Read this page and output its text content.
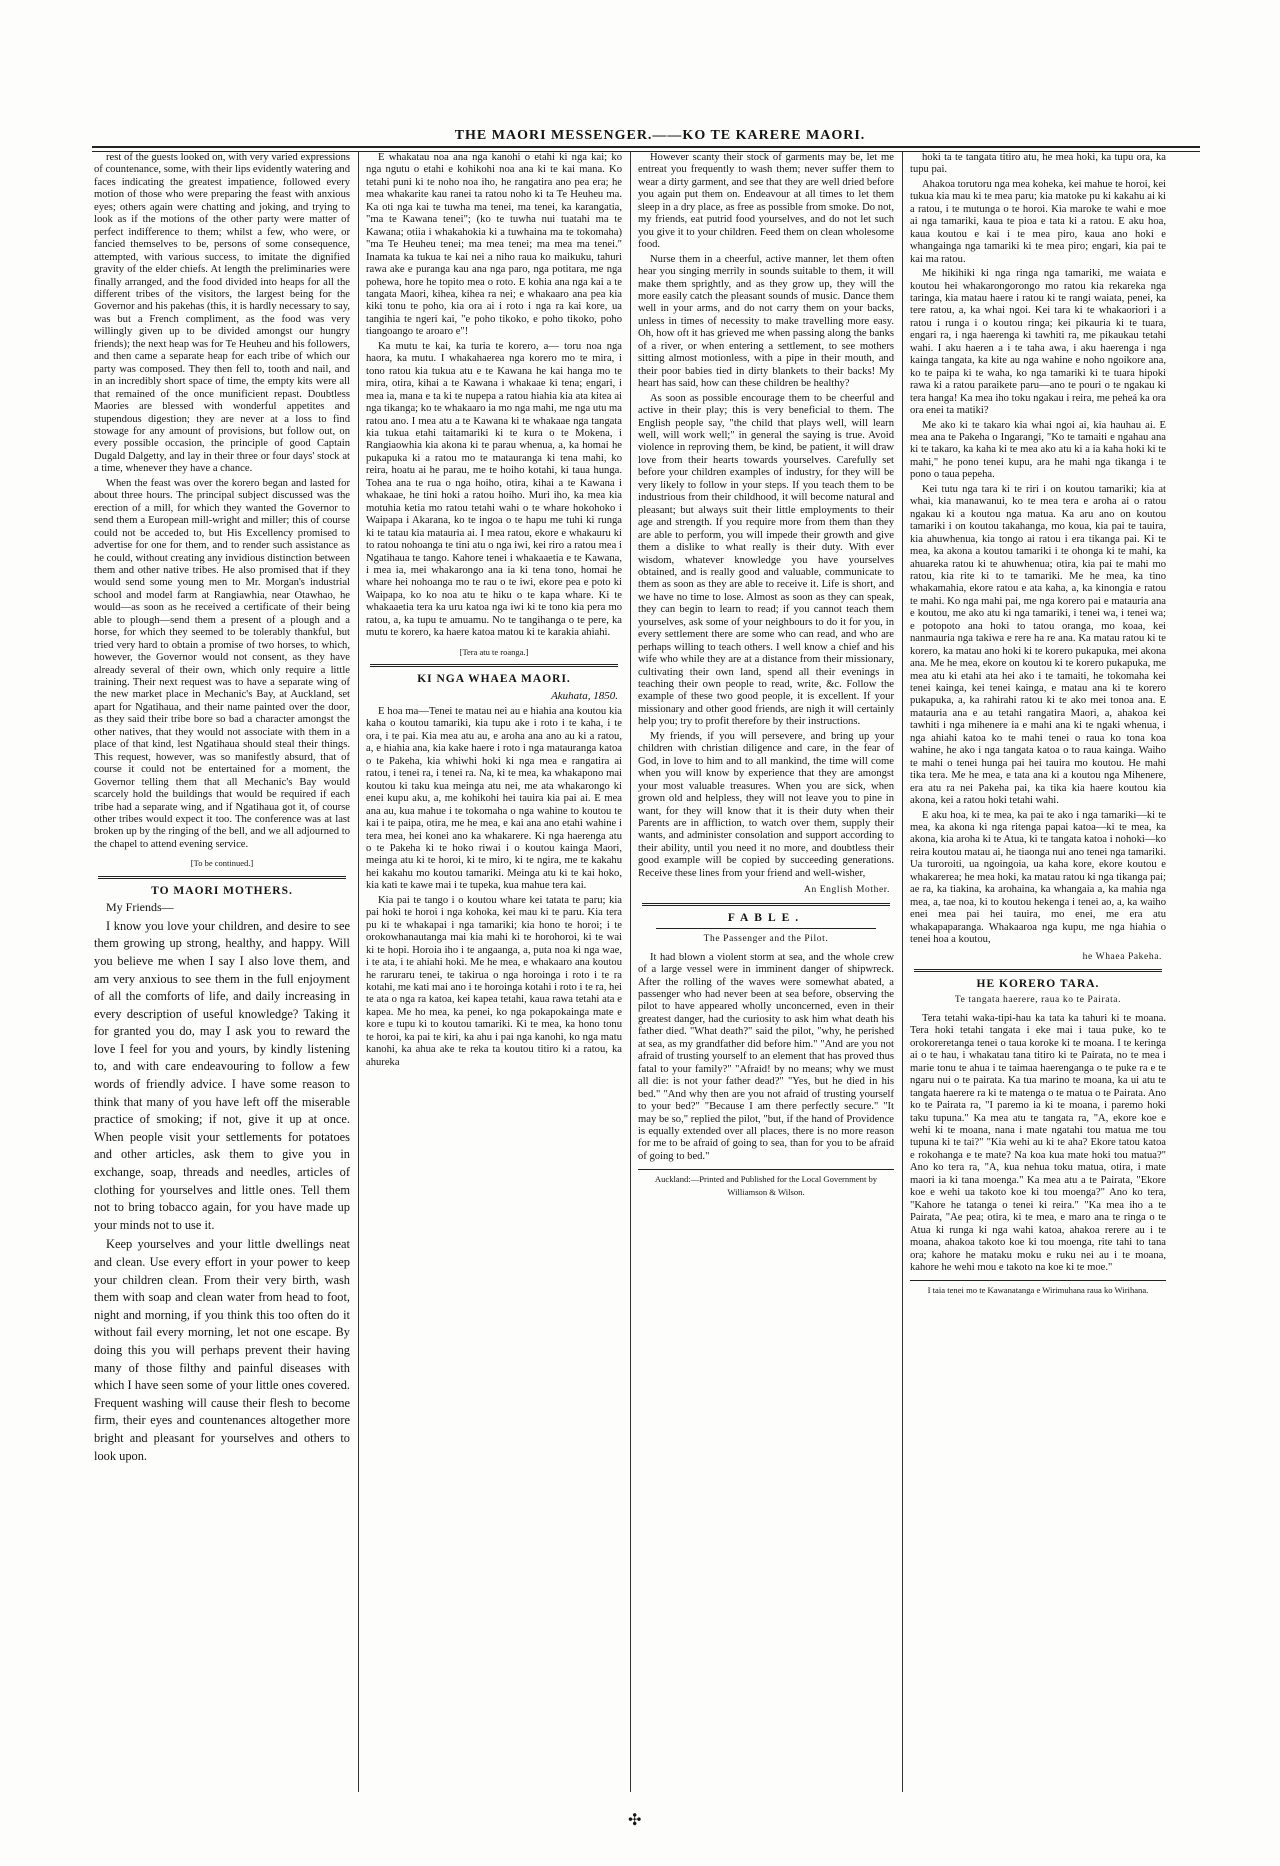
THE MAORI MESSENGER.——KO TE KARERE MAORI.

rest of the guests looked on, with very varied expressions of countenance, some, with their lips evidently watering and faces indicating the greatest impatience, followed every motion of those who were preparing the feast with anxious eyes; others again were chatting and joking, and trying to look as if the motions of the other party were matter of perfect indifference to them; whilst a few, who were, or fancied themselves to be, persons of some consequence, attempted, with various success, to imitate the dignified gravity of the elder chiefs. At length the preliminaries were finally arranged, and the food divided into heaps for all the different tribes of the visitors, the largest being for the Governor and his pakehas (this, it is hardly necessary to say, was but a French compliment, as the food was very willingly given up to be divided amongst our hungry friends); the next heap was for Te Heuheu and his followers, and then came a separate heap for each tribe of which our party was composed. They then fell to, tooth and nail, and in an incredibly short space of time, the empty kits were all that remained of the once munificient repast. Doubtless Maories are blessed with wonderful appetites and stupendous digestion; they are never at a loss to find stowage for any amount of provisions, but follow out, on every possible occasion, the principle of good Captain Dugald Dalgetty, and lay in their three or four days' stock at a time, whenever they have a chance.

When the feast was over the korero began and lasted for about three hours. The principal subject discussed was the erection of a mill, for which they wanted the Governor to send them a European mill-wright and miller; this of course could not be acceded to, but His Excellency promised to advertise for one for them, and to render such assistance as he could, without creating any invidious distinction between them and other native tribes. He also promised that if they would send some young men to Mr. Morgan's industrial school and model farm at Rangiawhia, near Otawhao, he would—as soon as he received a certificate of their being able to plough—send them a present of a plough and a horse, for which they seemed to be tolerably thankful, but tried very hard to obtain a promise of two horses, to which, however, the Governor would not consent, as they have already several of their own, which only require a little training. Their next request was to have a separate wing of the new market place in Mechanic's Bay, at Auckland, set apart for Ngatihaua, and their name painted over the door, as they said their tribe bore so bad a character amongst the other natives, that they would not associate with them in a place of that kind, lest Ngatihaua should steal their things. This request, however, was so manifestly absurd, that of course it could not be entertained for a moment, the Governor telling them that all Mechanic's Bay would scarcely hold the buildings that would be required if each tribe had a separate wing, and if Ngatihaua got it, of course other tribes would expect it too. The conference was at last broken up by the ringing of the bell, and we all adjourned to the chapel to attend evening service.

[To be continued.]
TO MAORI MOTHERS.
My Friends—

I know you love your children, and desire to see them growing up strong, healthy, and happy. Will you believe me when I say I also love them, and am very anxious to see them in the full enjoyment of all the comforts of life, and daily increasing in every description of useful knowledge? Taking it for granted you do, may I ask you to reward the love I feel for you and yours, by kindly listening to, and with care endeavouring to follow a few words of friendly advice. I have some reason to think that many of you have left off the miserable practice of smoking; if not, give it up at once. When people visit your settlements for potatoes and other articles, ask them to give you in exchange, soap, threads and needles, articles of clothing for yourselves and little ones. Tell them not to bring tobacco again, for you have made up your minds not to use it.

Keep yourselves and your little dwellings neat and clean. Use every effort in your power to keep your children clean. From their very birth, wash them with soap and clean water from head to foot, night and morning, if you think this too often do it without fail every morning, let not one escape. By doing this you will perhaps prevent their having many of those filthy and painful diseases with which I have seen some of your little ones covered. Frequent washing will cause their flesh to become firm, their eyes and countenances altogether more bright and pleasant for yourselves and others to look upon.

E whakatau noa ana nga kanohi o etahi ki nga kai; ko nga ngutu o etahi e kohikohi noa ana ki te kai mana. Ko tetahi puni ki te noho noa iho, he rangatira ano pea era; he mea whakarite kau ranei ta ratou noho ki ta Te Heuheu ma. Ka oti nga kai te tuwha ma tenei, ma tenei, ka karangatia, "ma te Kawana tenei"; (ko te tuwha nui tuatahi ma te Kawana; otiia i whakahokia ki a tuwhaina ma te tokomaha) "ma Te Heuheu tenei; ma mea tenei; ma mea ma tenei." Inamata ka tukua te kai nei a niho raua ko maikuku, tahuri rawa ake e puranga kau ana nga paro, nga potitara, me nga pohewa, hore he topito mea o roto. E kohia ana nga kai a te tangata Maori, kihea, kihea ra nei; e whakaaro ana pea kia kiki tonu te poho, kia ora ai i roto i nga ra kai kore, ua tangihia te ngeri kai, "e poho tikoko, e poho tikoko, poho tiangoango te aroaro e"!

Ka mutu te kai, ka turia te korero, a— toru noa nga haora, ka mutu. I whakahaerea nga korero mo te mira, i tono ratou kia tukua atu e te Kawana he kai hanga mo te mira, otira, kihai a te Kawana i whakaae ki tena; engari, i mea ia, mana e ta ki te nupepa a ratou hiahia kia ata kitea ai nga tikanga; ko te whakaaro ia mo nga mahi, me nga utu ma ratou ano. I mea atu a te Kawana ki te whakaae nga tangata kia tukua etahi taitamariki ki te kura o te Mokena, i Rangiaowhia kia akona ki te parau whenua, a, ka homai he pukapuka ki a ratou mo te matauranga ki tena mahi, ko reira, hoatu ai he parau, me te hoiho kotahi, ki taua hunga. Tohea ana te rua o nga hoiho, otira, kihai a te Kawana i whakaae, he tini hoki a ratou hoiho. Muri iho, ka mea kia motuhia ketia mo ratou tetahi wahi o te whare hokohoko i Waipapa i Akarana, ko te ingoa o te hapu me tuhi ki runga ki te tatau kia matauria ai. I mea ratou, ekore e whakauru ki to ratou nohoanga te tini atu o nga iwi, kei riro a ratou mea i Ngatihaua te tango. Kahore tenei i whakaaetia e te Kawana, i mea ia, mei whakarongo ana ia ki tena tono, homai he whare hei nohoanga mo te rau o te iwi, ekore pea e poto ki Waipapa, ko ko noa atu te hiku o te kapa whare. Ki te whakaaetia tera ka uru katoa nga iwi ki te tono kia pera mo ratou, a, ka tupu te amuamu. No te tangihanga o te pere, ka mutu te korero, ka haere katoa matou ki te karakia ahiahi.

[Tera atu te roanga.]
KI NGA WHAEA MAORI.
Akuhata, 1850.

E hoa ma—Tenei te matau nei au e hiahia ana koutou kia kaha o koutou tamariki, kia tupu ake i roto i te kaha, i te ora, i te pai. Kia mea atu au, e aroha ana ano au ki a ratou, a, e hiahia ana, kia kake haere i roto i nga matauranga katoa o te Pakeha, kia whiwhi hoki ki nga mea e rangatira ai ratou, i tenei ra, i tenei ra. Na, ki te mea, ka whakapono mai koutou ki taku kua meinga atu nei, me ata whakarongo ki enei kupu aku, a, me kohikohi hei tauira kia pai ai. E mea ana au, kua mahue i te tokomaha o nga wahine to koutou te kai i te paipa, otira, me he mea, e kai ana ano etahi wahine i tera mea, hei konei ano ka whakarere. Ki nga haerenga atu o te Pakeha ki te hoko riwai i o koutou kainga Maori, meinga atu ki te horoi, ki te miro, ki te ngira, me te kakahu hei kakahu mo koutou tamariki. Meinga atu ki te kai hoko, kia kati te kawe mai i te tupeka, kua mahue tera kai.

Kia pai te tango i o koutou whare kei tatata te paru; kia pai hoki te horoi i nga kohoka, kei mau ki te paru. Kia tera pu ki te whakapai i nga tamariki; kia hono te horoi; i te orokowhanautanga mai kia mahi ki te horohoroi, ki te wai ki te hopi. Horoia iho i te angaanga, a, puta noa ki nga wae, i te ata, i te ahiahi hoki. Me he mea, e whakaaro ana koutou he raruraru tenei, te takirua o nga horoinga i roto i te ra kotahi, me kati mai ano i te horoinga kotahi i roto i te ra, hei te ata o nga ra katoa, kei kapea tetahi, kaua rawa tetahi ata e kapea. Me ho mea, ka penei, ko nga pokapokainga mate e kore e tupu ki to koutou tamariki. Ki te mea, ka hono tonu te horoi, ka pai te kiri, ka ahu i pai nga kanohi, ko nga matu kanohi, ka ahua ake te reka ta koutou titiro ki a ratou, ka ahureka

However scanty their stock of garments may be, let me entreat you frequently to wash them; never suffer them to wear a dirty garment, and see that they are well dried before you again put them on. Endeavour at all times to let them sleep in a dry place, as free as possible from smoke. Do not, my friends, eat putrid food yourselves, and do not let such you give it to your children. Feed them on clean wholesome food.

Nurse them in a cheerful, active manner, let them often hear you singing merrily in sounds suitable to them, it will make them sprightly, and as they grow up, they will the more easily catch the pleasant sounds of music. Dance them well in your arms, and do not carry them on your backs, unless in times of necessity to make travelling more easy. Oh, how oft it has grieved me when passing along the banks of a river, or when entering a settlement, to see mothers sitting almost motionless, with a pipe in their mouth, and their poor babies tied in dirty blankets to their backs! My heart has said, how can these children be healthy?

As soon as possible encourage them to be cheerful and active in their play; this is very beneficial to them. The English people say, "the child that plays well, will learn well, will work well;" in general the saying is true. Avoid violence in reproving them, be kind, be patient, it will draw love from their hearts towards yourselves. Carefully set before your children examples of industry, for they will be very likely to follow in your steps. If you teach them to be industrious from their childhood, it will become natural and pleasant; but always suit their little employments to their age and strength. If you require more from them than they are able to perform, you will impede their growth and give them a dislike to what really is their duty. With ever wisdom, whatever knowledge you have yourselves obtained, and is really good and valuable, communicate to them as soon as they are able to receive it. Life is short, and we have no time to lose. Almost as soon as they can speak, they can begin to learn to read; if you cannot teach them yourselves, ask some of your neighbours to do it for you, in every settlement there are some who can read, and who are perhaps willing to teach others. I well know a chief and his wife who while they are at a distance from their missionary, cultivating their own land, spend all their evenings in teaching their own people to read, write, &c. Follow the example of these two good people, it is excellent. If your missionary and other good friends, are nigh it will certainly help you; try to profit therefore by their instructions.

My friends, if you will persevere, and bring up your children with christian diligence and care, in the fear of God, in love to him and to all mankind, the time will come when you will know by experience that they are amongst your most valuable treasures. When you are sick, when grown old and helpless, they will not leave you to pine in want, for they will know that it is their duty when their Parents are in affliction, to watch over them, supply their wants, and administer consolation and support according to their ability, until you need it no more, and doubtless their good example will be copied by succeeding generations. Receive these lines from your friend and well-wisher,

An English Mother.
FABLE.
The Passenger and the Pilot.

It had blown a violent storm at sea, and the whole crew of a large vessel were in imminent danger of shipwreck. After the rolling of the waves were somewhat abated, a passenger who had never been at sea before, observing the pilot to have appeared wholly unconcerned, even in their greatest danger, had the curiosity to ask him what death his father died. "What death?" said the pilot, "why, he perished at sea, as my grandfather did before him." "And are you not afraid of trusting yourself to an element that has proved thus fatal to your family?" "Afraid! by no means; why we must all die: is not your father dead?" "Yes, but he died in his bed." "And why then are you not afraid of trusting yourself to your bed?" "Because I am there perfectly secure." "It may be so," replied the pilot, "but, if the hand of Providence is equally extended over all places, there is no more reason for me to be afraid of going to sea, than for you to be afraid of going to bed."

Auckland:—Printed and Published for the Local Government by Williamson & Wilson.

hoki ta te tangata titiro atu, he mea hoki, ka tupu ora, ka tupu pai.

Ahakoa torutoru nga mea koheka, kei mahue te horoi, kei tukua kia mau ki te mea paru; kia matoke pu ki kakahu ai ki a ratou, i te mutunga o te horoi. Kia maroke te wahi e moe ai nga tamariki, kaua te pioa e tata ki a ratou. E aku hoa, kaua koutou e kai i te mea piro, kaua ano hoki e whangainga nga tamariki ki te mea piro; engari, kia pai te kai ma ratou.

Me hikihiki ki nga ringa nga tamariki, me waiata e koutou hei whakarongorongo mo ratou kia rekareka nga taringa, kia matau haere i ratou ki te rangi waiata, penei, ka tere ratou, a, ka whai ngoi. Kei tara ki te whakaoriori i a ratou i runga i o koutou ringa; kei pikauria ki te tuara, engari ra, i nga haerenga ki tawhiti ra, me pikaukau tetahi wahi. I aku haeren a i te taha awa, i aku haerenga i nga kainga tangata, ka kite au nga wahine e noho ngoikore ana, ko te paipa ki te waha, ko nga tamariki ki te tuara hipoki rawa ki a ratou paraikete paru—ano te pouri o te ngakau ki tera hanga! Ka mea iho toku ngakau i reira, me peheá ka ora ora enei ta matiki?

Me ako ki te takaro kia whai ngoi ai, kia hauhau ai. E mea ana te Pakeha o Ingarangi, "Ko te tamaiti e ngahau ana ki te takaro, ka kaha ki te mea ako atu ki a ia kaha hoki ki te mahi," he pono tenei kupu, ara he mahi nga tikanga i te pono o taua pepeha.

Kei tutu nga tara ki te riri i on koutou tamariki; kia at whai, kia manawanui, ko te mea tera e aroha ai o ratou ngakau ki a koutou nga matua. Ka aru ano on koutou tamariki i on koutou takahanga, mo koua, kia pai te tauira, kia ahuwhenua, kia tongo ai ratou i era tikanga pai. Ki te mea, ka akona a koutou tamariki i te ohonga ki te mahi, ka ahuareka ratou ki te ahuwhenua; otira, kia pai te mahi mo ratou, kia rite ki to te tamariki. Me he mea, ka tino whakamahia, ekore ratou e ata kaha, a, ka kinongia e ratou te mahi. Ko nga mahi pai, me nga korero pai e matauria ana e koutou, me ako atu ki nga tamariki, i tenei wa, i tenei wa; e potopoto ana hoki to tatou oranga, mo koaa, kei nanmauria nga takiwa e rere ha re ana. Ka matau ratou ki te korero, ka matau ano hoki ki te korero pukapuka, mei akona ana. Me he mea, ekore on koutou ki te korero pukapuka, me mea atu ki etahi ata hei ako i te tamaiti, he tokomaha kei tenei kainga, kei tenei kainga, e matau ana ki te korero pukapuka, a, ka rahirahi ratou ki te ako mei tonoa ana. E matauria ana e au tetahi rangatira Maori, a, ahakoa kei tawhiti i nga mihenere ia e mahi ana ki te ngaki whenua, i nga ahiahi katoa ko te mahi tenei o raua ko tona koa wahine, he ako i nga tangata katoa o to raua kainga. Waiho te mahi o tenei hunga pai hei tauira mo koutou. He mahi tika tera. Me he mea, e tata ana ki a koutou nga Mihenere, era atu ra nei Pakeha pai, ka tika kia haere koutou kia akona, kei a ratou hoki tetahi wahi.

E aku hoa, ki te mea, ka pai te ako i nga tamariki—ki te mea, ka akona ki nga ritenga papai katoa—ki te mea, ka akona, kia aroha ki te Atua, ki te tangata katoa i nohoki—ko reira koutou matau ai, he tiaonga nui ano tenei nga tamariki. Ua turoroiti, ua ngoingoia, ua kaha kore, ekore koutou e whakarerea; he mea hoki, ka matau ratou ki nga tikanga pai; ae ra, ka tiakina, ka arohaina, ka whangaia a, ka mahia nga mea, a, tae noa, ki to koutou hekenga i tenei ao, a, ka waiho enei mea pai hei tauira, mo enei, me era atu whakapaparanga. Whakaaroa nga kupu, me nga hiahia o tenei hoa a koutou,

he Whaea Pakeha.
HE KORERO TARA.
Te tangata haerere, raua ko te Pairata.

Tera tetahi waka-tipi-hau ka tata ka tahuri ki te moana. Tera hoki tetahi tangata i eke mai i taua puke, ko te orokoreretanga tenei o taua koroke ki te moana. I te keringa ai o te hau, i whakatau tana titiro ki te Pairata, no te mea i marie tonu te ahua i te taimaa haerenganga o te puke ra e te ngaru nui o te pairata. Ka tua marino te moana, ka ui atu te tangata haerere ra ki te matenga o te matua o te Pairata. Ano ko te Pairata ra, "I paremo ia ki te moana, i paremo hoki taku tupuna." Ka mea atu te tangata ra, "A, ekore koe e wehi ki te moana, nana i mate ngatahi tou matua me tou tupuna ki te tai?" "Kia wehi au ki te aha? Ekore tatou katoa e rokohanga e te mate? Na koa kua mate hoki tou matua?" Ano ko tera ra, "A, kua nehua toku matua, otira, i mate maori ia ki tana moenga." Ka mea atu a te Pairata, "Ekore koe e wehi ua takoto koe ki tou moenga?" Ano ko tera, "Kahore he tatanga o tenei ki reira." "Ka mea iho a te Pairata, "Ae pea; otira, ki te mea, e maro ana te ringa o te Atua ki runga ki nga wahi katoa, ahakoa rerere au i te moana, ahakoa takoto koe ki tou moenga, rite tahi to tana ora; kahore he mataku moku e ruku nei au i te moana, kahore he wehi mou e takoto na koe ki te moe."

I taia tenei mo te Kawanatanga e Wirimuhana raua ko Wirihana.
✣
